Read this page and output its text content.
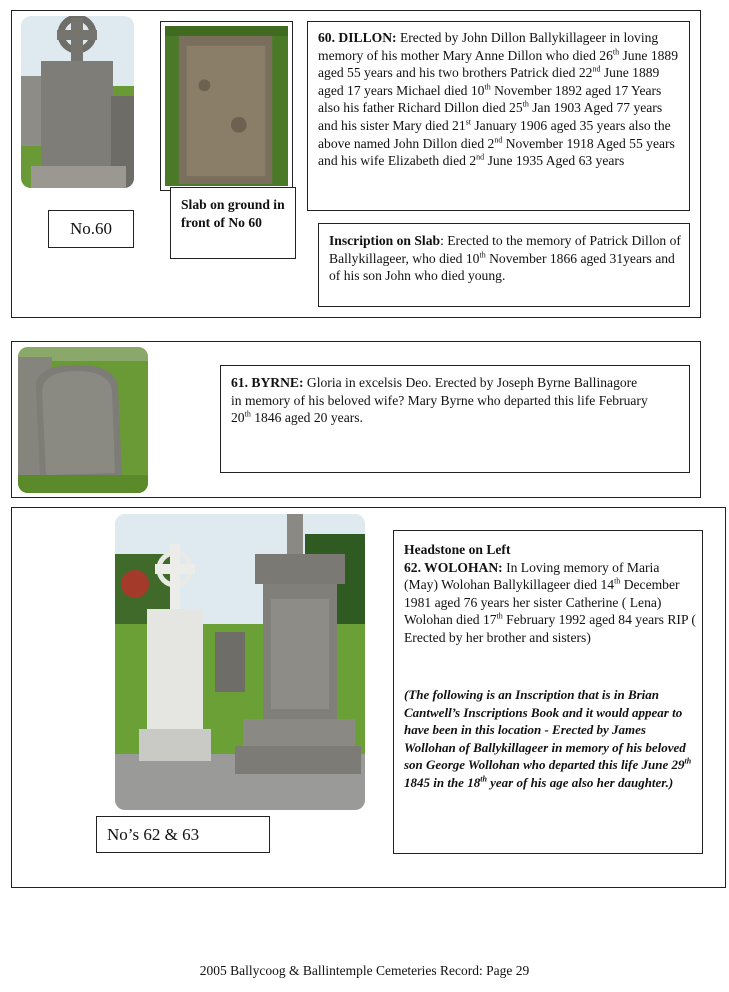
No.60
Slab on ground in front of No 60
60. DILLON: Erected by John Dillon Ballykillageer in loving memory of his mother Mary Anne Dillon who died 26th June 1889 aged 55 years and his two brothers Patrick died 22nd June 1889 aged 17 years Michael died 10th November 1892 aged 17 Years also his father Richard Dillon died 25th Jan 1903 Aged 77 years and his sister Mary died 21st January 1906 aged 35 years also the above named John Dillon died 2nd November 1918 Aged 55 years and his wife Elizabeth died 2nd June 1935 Aged 63 years
Inscription on Slab: Erected to the memory of Patrick Dillon of Ballykillageer, who died 10th November 1866 aged 31years and of his son John who died young.
61. BYRNE: Gloria in excelsis Deo. Erected by Joseph Byrne Ballinagore in memory of his beloved wife? Mary Byrne who departed this life February 20th 1846 aged 20 years.
No’s 62 & 63
Headstone on Left
62. WOLOHAN: In Loving memory of Maria (May) Wolohan Ballykillageer died 14th December 1981 aged 76 years her sister Catherine ( Lena) Wolohan died 17th February 1992 aged 84 years RIP ( Erected by her brother and sisters)
(The following is an Inscription that is in Brian Cantwell’s Inscriptions Book and it would appear to have been in this location - Erected by James Wollohan of Ballykillageer in memory of his beloved son George Wollohan who departed this life June 29th 1845 in the 18th year of his age also her daughter.)
2005 Ballycoog & Ballintemple Cemeteries Record: Page 29
